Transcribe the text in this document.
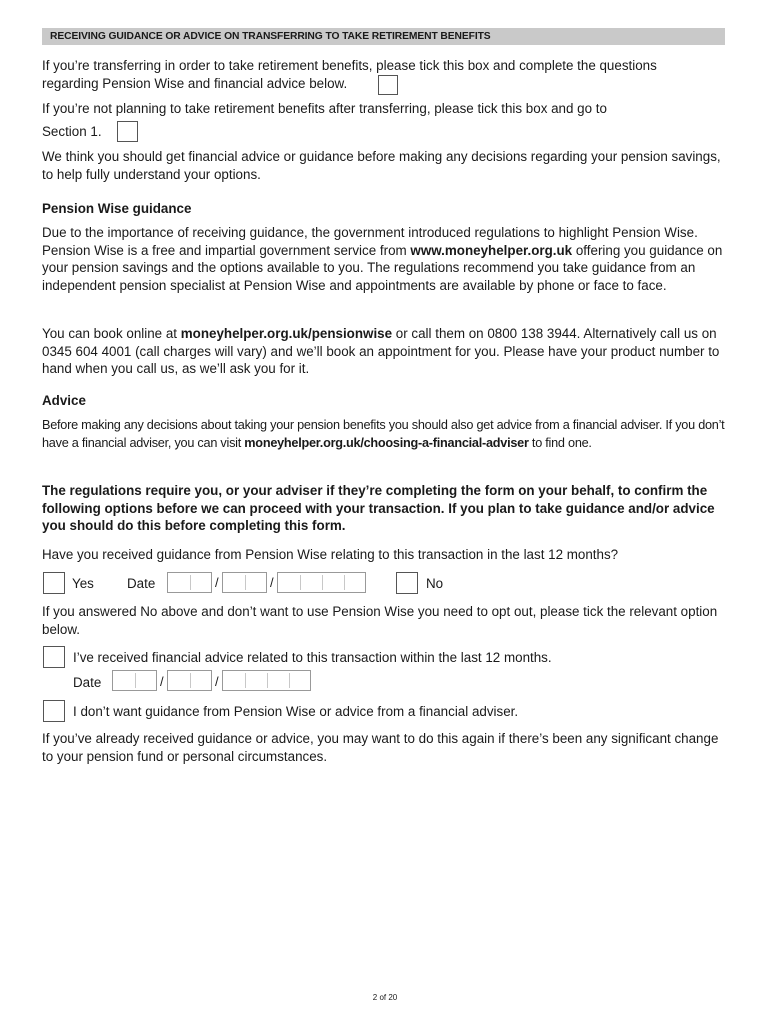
RECEIVING GUIDANCE OR ADVICE ON TRANSFERRING TO TAKE RETIREMENT BENEFITS
If you’re transferring in order to take retirement benefits, please tick this box and complete the questions
regarding Pension Wise and financial advice below.
If you’re not planning to take retirement benefits after transferring, please tick this box and go to
Section 1.
We think you should get financial advice or guidance before making any decisions regarding your pension savings, to help fully understand your options.
Pension Wise guidance
Due to the importance of receiving guidance, the government introduced regulations to highlight Pension Wise. Pension Wise is a free and impartial government service from www.moneyhelper.org.uk offering you guidance on your pension savings and the options available to you. The regulations recommend you take guidance from an independent pension specialist at Pension Wise and appointments are available by phone or face to face.
You can book online at moneyhelper.org.uk/pensionwise or call them on 0800 138 3944. Alternatively call us on 0345 604 4001 (call charges will vary) and we’ll book an appointment for you. Please have your product number to hand when you call us, as we’ll ask you for it.
Advice
Before making any decisions about taking your pension benefits you should also get advice from a financial adviser. If you don’t have a financial adviser, you can visit moneyhelper.org.uk/choosing-a-financial-adviser to find one.
The regulations require you, or your adviser if they’re completing the form on your behalf, to confirm the following options before we can proceed with your transaction. If you plan to take guidance and/or advice you should do this before completing this form.
Have you received guidance from Pension Wise relating to this transaction in the last 12 months?
Yes Date	/	/	No
If you answered No above and don’t want to use Pension Wise you need to opt out, please tick the relevant option below.
I’ve received financial advice related to this transaction within the last 12 months.
Date	/	/
I don’t want guidance from Pension Wise or advice from a financial adviser.
If you’ve already received guidance or advice, you may want to do this again if there’s been any significant change to your pension fund or personal circumstances.
2 of 20
